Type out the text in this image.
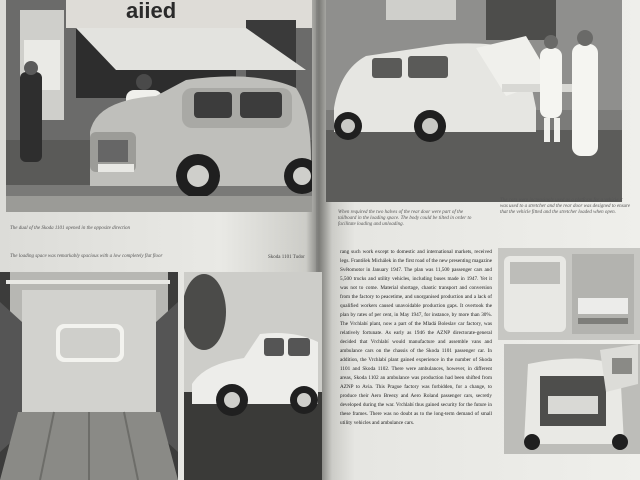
aiied
The dual of the Skoda 1101 opened in the opposite direction
The loading space was remarkably spacious with a low completely flat floor	Skoda 1101 Tudor
When required the two halves of the rear door were part of the tailboard in the loading space. The body could be tilted in order to facilitate loading and unloading.
The cars were increasingly used as a platform for a vehicle it was used to a stretcher and the rear door was designed to ensure that the vehicle fitted and the stretcher loaded when open.
rang such work except to domestic and international markets, received legs. František Michálek in the first road of the new presenting magazine Světomotor in January 1947. The plan was 11,500 passenger cars and 5,500 trucks and utility vehicles, including buses made in 1947. Yet it was not to come. Material shortage, chaotic transport and conversion from the factory to peacetime, and unorganised production and a lack of qualified workers caused unavoidable production gaps. It overtook the plan by rates of per cent, in May 1947, for instance, by more than 30%. The Vrchlabí plant, now a part of the Mladá Boleslav car factory, was relatively fortunate. As early as 1946 the AZNP directorate-general decided that Vrchlabí would manufacture and assemble vans and ambulance cars on the chassis of the Skoda 1101 passenger car. In addition, the Vrchlabí plant gained experience in the number of Skoda 1101 and Skoda 1102. There were ambulances, however, in different areas, Skoda 1102 an ambulance was production had been shifted from AZNP to Avia. This Prague factory was forbidden, for a change, to produce their Aero Breezy and Aero Roland passenger cars, secretly developed during the war. Vrchlabí thus gained security for the future in these frames. There was no doubt as to the long-term demand of small utility vehicles and ambulance cars.
